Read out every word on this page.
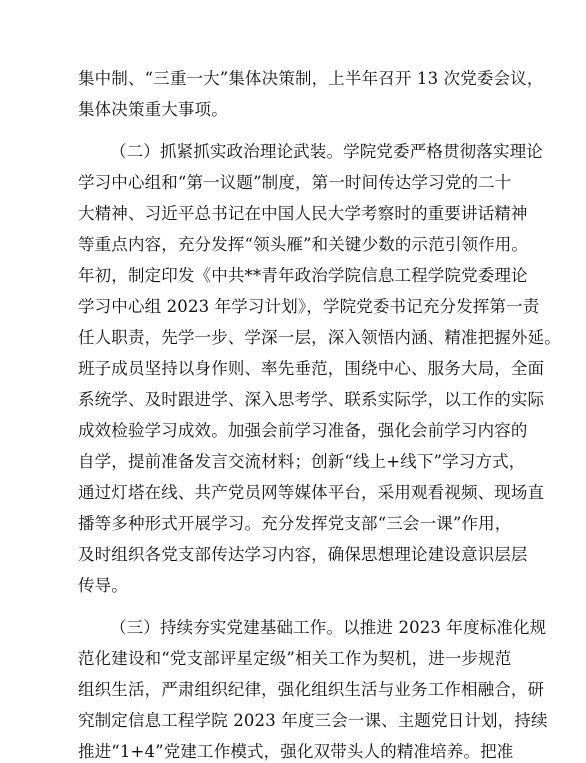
集中制、“三重一大”集体决策制，上半年召开 13 次党委会议，
集体决策重大事项。
（二）抓紧抓实政治理论武装。学院党委严格贯彻落实理论
学习中心组和“第一议题”制度，第一时间传达学习党的二十
大精神、习近平总书记在中国人民大学考察时的重要讲话精神
等重点内容，充分发挥“领头雁”和关键少数的示范引领作用。
年初，制定印发《中共**青年政治学院信息工程学院党委理论
学习中心组 2023 年学习计划》，学院党委书记充分发挥第一责
任人职责，先学一步、学深一层，深入领悟内涵、精准把握外延。
班子成员坚持以身作则、率先垂范，围绕中心、服务大局，全面
系统学、及时跟进学、深入思考学、联系实际学，以工作的实际
成效检验学习成效。加强会前学习准备，强化会前学习内容的
自学，提前准备发言交流材料；创新“线上+线下”学习方式，
通过灯塔在线、共产党员网等媒体平台，采用观看视频、现场直
播等多种形式开展学习。充分发挥党支部“三会一课”作用，
及时组织各党支部传达学习内容，确保思想理论建设意识层层
传导。
（三）持续夯实党建基础工作。以推进 2023 年度标准化规
范化建设和“党支部评星定级”相关工作为契机，进一步规范
组织生活，严肃组织纪律，强化组织生活与业务工作相融合，研
究制定信息工程学院 2023 年度三会一课、主题党日计划，持续
推进“1+4”党建工作模式，强化双带头人的精准培养。把准
